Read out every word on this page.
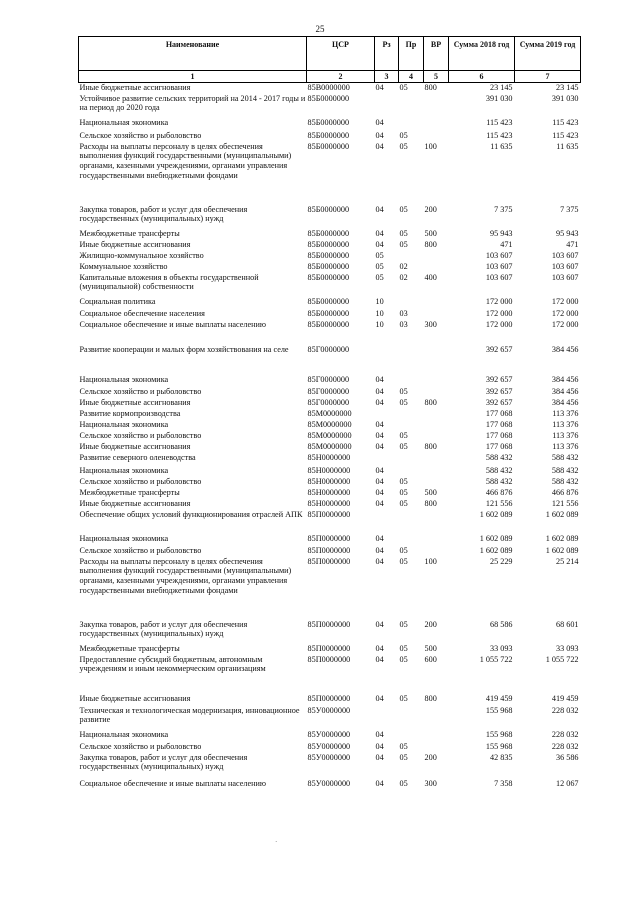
25
Наименование	ЦСР	Рз	Пр	ВР	Сумма 2018 год	Сумма 2019 год
1	2	3	4	5	6	7
Иные бюджетные ассигнования	85B0000000	04	05	800	23 145	23 145
Устойчивое развитие сельских территорий на 2014 - 2017 годы и на период до 2020 года	85Б0000000				391 030	391 030
Национальная экономика	85Б0000000	04			115 423	115 423
Сельское хозяйство и рыболовство	85Б0000000	04	05		115 423	115 423
Расходы на выплаты персоналу в целях обеспечения выполнения функций государственными (муниципальными) органами, казенными учреждениями, органами управления государственными внебюджетными фондами	85Б0000000	04	05	100	11 635	11 635
Закупка товаров, работ и услуг для обеспечения государственных (муниципальных) нужд	85Б0000000	04	05	200	7 375	7 375
Межбюджетные трансферты	85Б0000000	04	05	500	95 943	95 943
Иные бюджетные ассигнования	85Б0000000	04	05	800	471	471
Жилищно-коммунальное хозяйство	85Б0000000	05			103 607	103 607
Коммунальное хозяйство	85Б0000000	05	02		103 607	103 607
Капитальные вложения в объекты государственной (муниципальной) собственности	85Б0000000	05	02	400	103 607	103 607
Социальная политика	85Б0000000	10			172 000	172 000
Социальное обеспечение населения	85Б0000000	10	03		172 000	172 000
Социальное обеспечение и иные выплаты населению	85Б0000000	10	03	300	172 000	172 000
Развитие кооперации и малых форм хозяйствования на селе	85Г0000000				392 657	384 456
Национальная экономика	85Г0000000	04			392 657	384 456
Сельское хозяйство и рыболовство	85Г0000000	04	05		392 657	384 456
Иные бюджетные ассигнования	85Г0000000	04	05	800	392 657	384 456
Развитие кормопроизводства	85М0000000				177 068	113 376
Национальная экономика	85М0000000	04			177 068	113 376
Сельское хозяйство и рыболовство	85М0000000	04	05		177 068	113 376
Иные бюджетные ассигнования	85М0000000	04	05	800	177 068	113 376
Развитие северного оленеводства	85Н0000000				588 432	588 432
Национальная экономика	85Н0000000	04			588 432	588 432
Сельское хозяйство и рыболовство	85Н0000000	04	05		588 432	588 432
Межбюджетные трансферты	85Н0000000	04	05	500	466 876	466 876
Иные бюджетные ассигнования	85Н0000000	04	05	800	121 556	121 556
Обеспечение общих условий функционирования отраслей АПК	85П0000000				1 602 089	1 602 089
Национальная экономика	85П0000000	04			1 602 089	1 602 089
Сельское хозяйство и рыболовство	85П0000000	04	05		1 602 089	1 602 089
Расходы на выплаты персоналу в целях обеспечения выполнения функций государственными (муниципальными) органами, казенными учреждениями, органами управления государственными внебюджетными фондами	85П0000000	04	05	100	25 229	25 214
Закупка товаров, работ и услуг для обеспечения государственных (муниципальных) нужд	85П0000000	04	05	200	68 586	68 601
Межбюджетные трансферты	85П0000000	04	05	500	33 093	33 093
Предоставление субсидий бюджетным, автономным учреждениям и иным некоммерческим организациям	85П0000000	04	05	600	1 055 722	1 055 722
Иные бюджетные ассигнования	85П0000000	04	05	800	419 459	419 459
Техническая и технологическая модернизация, инновационное развитие	85У0000000				155 968	228 032
Национальная экономика	85У0000000	04			155 968	228 032
Сельское хозяйство и рыболовство	85У0000000	04	05		155 968	228 032
Закупка товаров, работ и услуг для обеспечения государственных (муниципальных) нужд	85У0000000	04	05	200	42 835	36 586
Социальное обеспечение и иные выплаты населению	85У0000000	04	05	300	7 358	12 067
·
